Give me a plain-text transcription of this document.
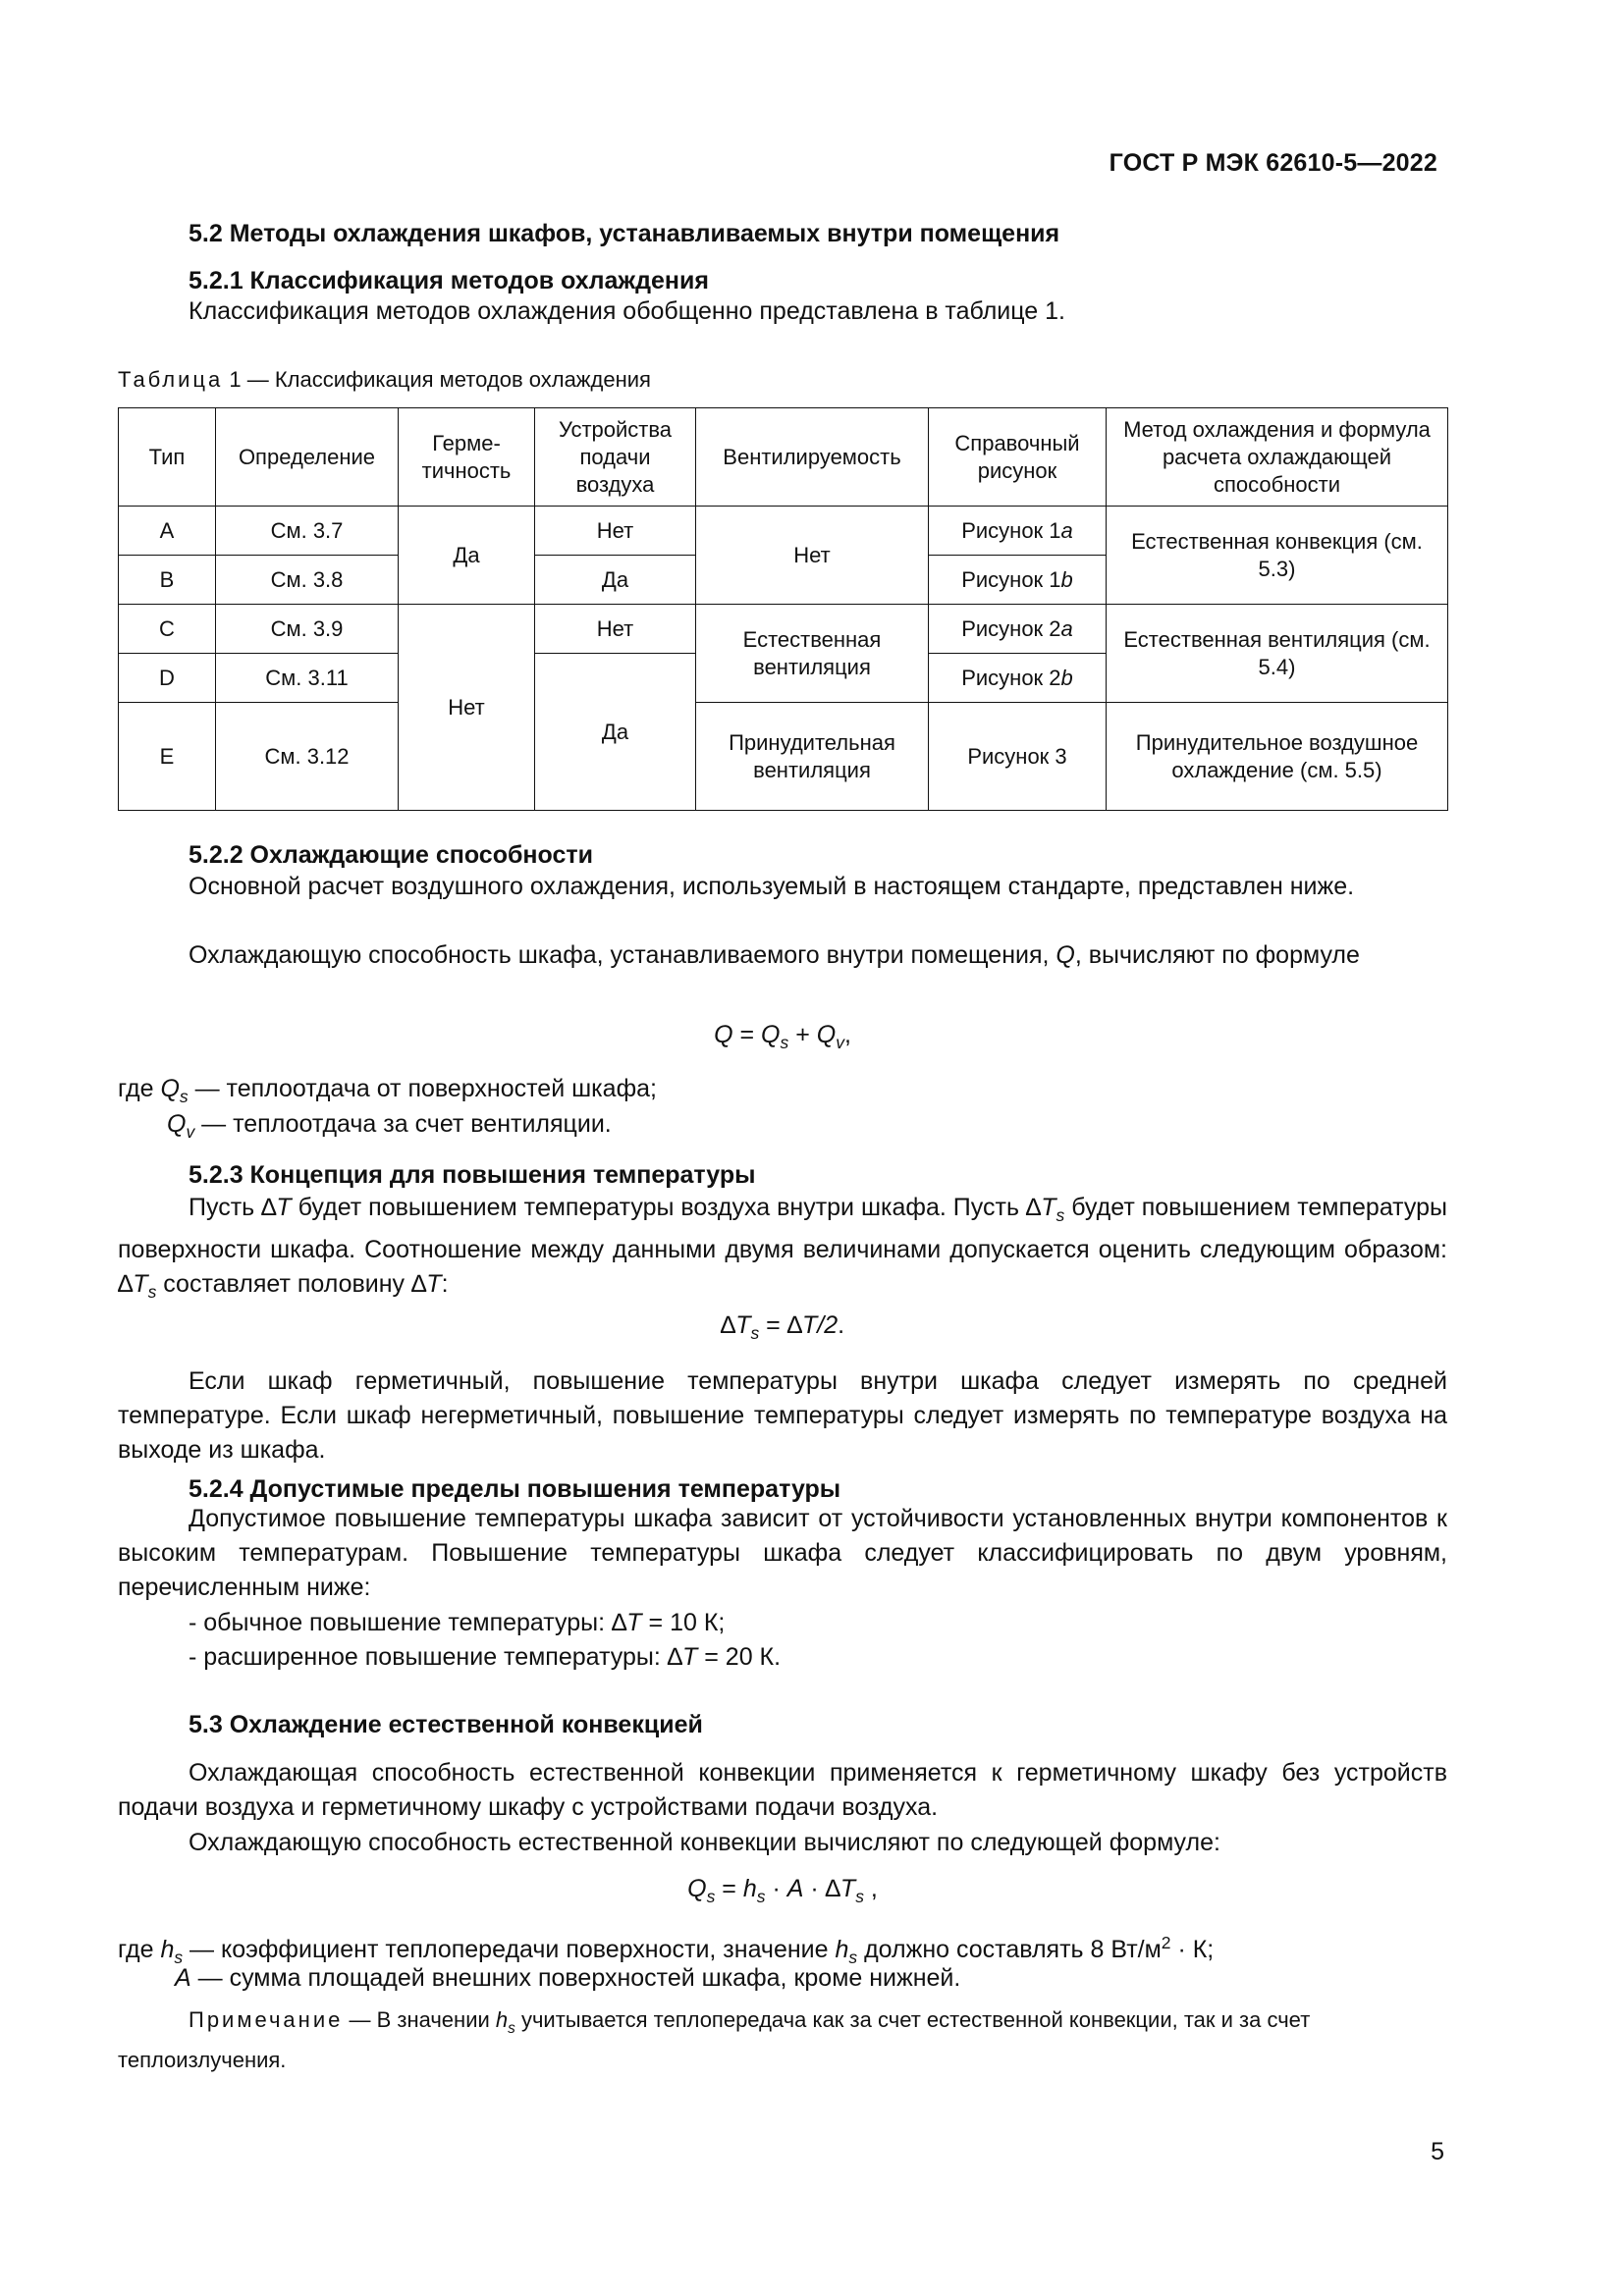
ГОСТ Р МЭК 62610-5—2022
5.2 Методы охлаждения шкафов, устанавливаемых внутри помещения
5.2.1 Классификация методов охлаждения
Классификация методов охлаждения обобщенно представлена в таблице 1.
Таблица 1 — Классификация методов охлаждения
Тип	Определение	Герме-тичность	Устройства подачи воздуха	Вентилируемость	Справочный рисунок	Метод охлаждения и формула расчета охлаждающей способности
A	См. 3.7	Да	Нет	Нет	Рисунок 1a	Естественная конвекция (см. 5.3)
B	См. 3.8		Да		Рисунок 1b	
C	См. 3.9	Нет	Нет	Естественная вентиляция	Рисунок 2a	Естественная вентиляция (см. 5.4)
D	См. 3.11		Да		Рисунок 2b	
E	См. 3.12			Принудительная вентиляция	Рисунок 3	Принудительное воздушное охлаждение (см. 5.5)
5.2.2 Охлаждающие способности
Основной расчет воздушного охлаждения, используемый в настоящем стандарте, представлен ниже.
Охлаждающую способность шкафа, устанавливаемого внутри помещения, Q, вычисляют по формуле
$Q = Q_s + Q_v$,
где $Q_s$ — теплоотдача от поверхностей шкафа;
$Q_v$ — теплоотдача за счет вентиляции.
5.2.3 Концепция для повышения температуры
Пусть ∆T будет повышением температуры воздуха внутри шкафа. Пусть $\Delta T_s$ будет повышением температуры поверхности шкафа. Соотношение между данными двумя величинами допускается оценить следующим образом: $\Delta T_s$ составляет половину ∆T:
$\Delta T_s = \Delta T/2$.
Если шкаф герметичный, повышение температуры внутри шкафа следует измерять по средней температуре. Если шкаф негерметичный, повышение температуры следует измерять по температуре воздуха на выходе из шкафа.
5.2.4 Допустимые пределы повышения температуры
Допустимое повышение температуры шкафа зависит от устойчивости установленных внутри компонентов к высоким температурам. Повышение температуры шкафа следует классифицировать по двум уровням, перечисленным ниже:
- обычное повышение температуры: ∆T = 10 К;
- расширенное повышение температуры: ∆T = 20 К.
5.3 Охлаждение естественной конвекцией
Охлаждающая способность естественной конвекции применяется к герметичному шкафу без устройств подачи воздуха и герметичному шкафу с устройствами подачи воздуха.
Охлаждающую способность естественной конвекции вычисляют по следующей формуле:
$Q_s = h_s \cdot A \cdot \Delta T_s$ ,
где $h_s$ — коэффициент теплопередачи поверхности, значение $h_s$ должно составлять 8 $Вт/м^2 \cdot К$;
A — сумма площадей внешних поверхностей шкафа, кроме нижней.
Примечание — В значении $h_s$ учитывается теплопередача как за счет естественной конвекции, так и за счет теплоизлучения.
5
